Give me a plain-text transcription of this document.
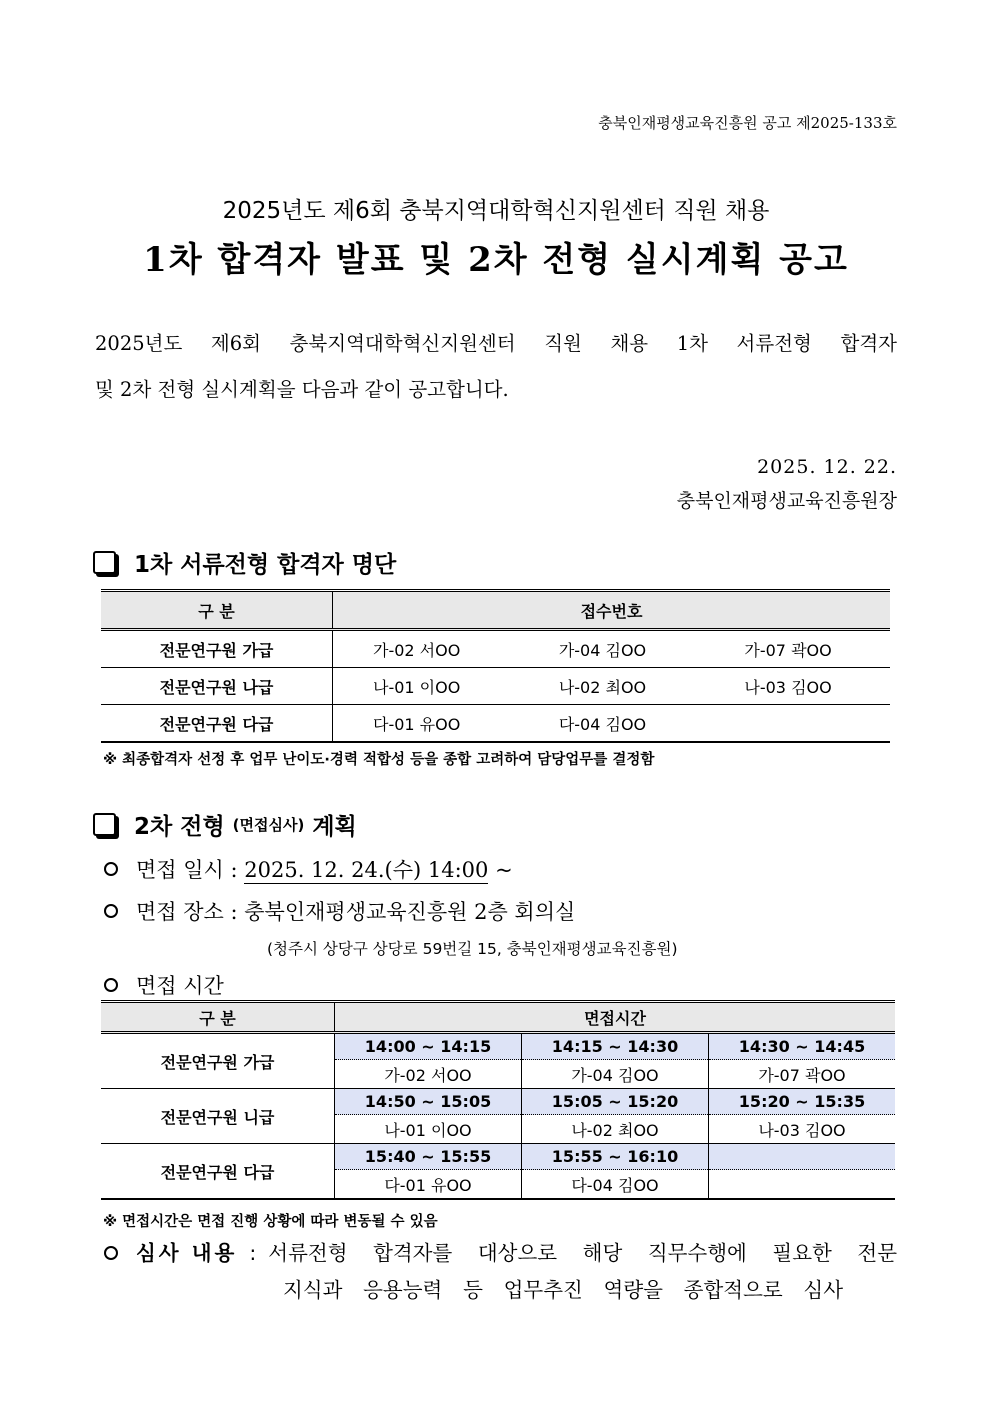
충북인재평생교육진흥원 공고 제2025-133호
2025년도 제6회 충북지역대학혁신지원센터 직원 채용
1차 합격자 발표 및 2차 전형 실시계획 공고
2025년도 제6회 충북지역대학혁신지원센터 직원 채용 1차 서류전형 합격자
및 2차 전형 실시계획을 다음과 같이 공고합니다.
2025. 12. 22.
충북인재평생교육진흥원장
1차 서류전형 합격자 명단
구 분	접수번호		
전문연구원 가급	가-02 서OO	가-04 김OO	가-07 곽OO
전문연구원 나급	나-01 이OO	나-02 최OO	나-03 김OO
전문연구원 다급	다-01 유OO	다-04 김OO	
※ 최종합격자 선정 후 업무 난이도·경력 적합성 등을 종합 고려하여 담당업무를 결정함
2차 전형 (면접심사) 계획
면접 일시 : 2025. 12. 24.(수) 14:00 ~
면접 장소 : 충북인재평생교육진흥원 2층 회의실
(청주시 상당구 상당로 59번길 15, 충북인재평생교육진흥원)
면접 시간
구 분	면접시간		
전문연구원 가급	14:00 ~ 14:15	14:15 ~ 14:30	14:30 ~ 14:45
	가-02 서OO	가-04 김OO	가-07 곽OO
전문연구원 니급	14:50 ~ 15:05	15:05 ~ 15:20	15:20 ~ 15:35
	나-01 이OO	나-02 최OO	나-03 김OO
전문연구원 다급	15:40 ~ 15:55	15:55 ~ 16:10	
	다-01 유OO	다-04 김OO	
※ 면접시간은 면접 진행 상황에 따라 변동될 수 있음
심사 내용 : 서류전형 합격자를 대상으로 해당 직무수행에 필요한 전문
지식과 응용능력 등 업무추진 역량을 종합적으로 심사
